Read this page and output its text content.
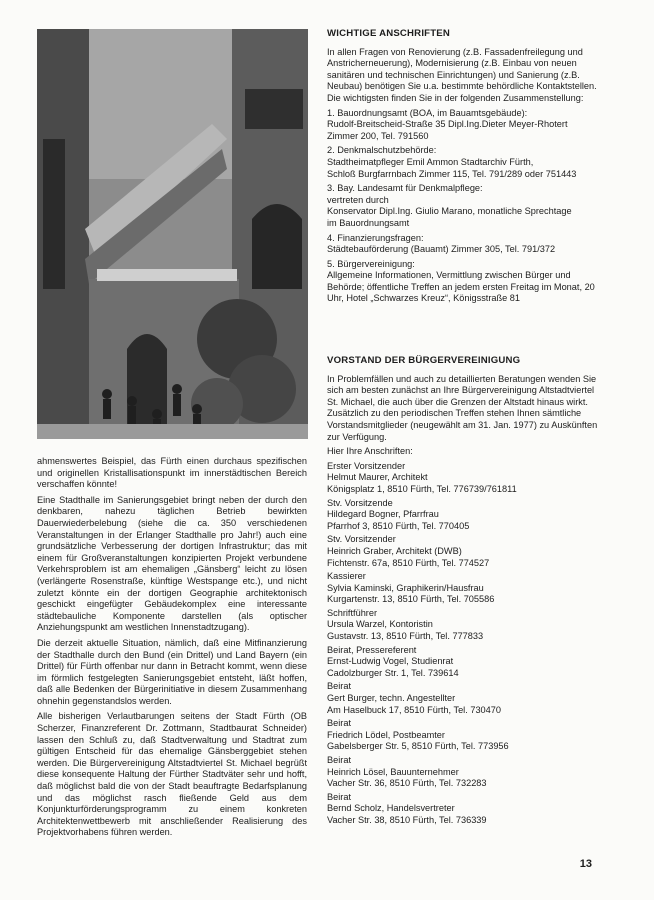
ahmenswertes Beispiel, das Fürth einen durchaus spezifischen und originellen Kristallisationspunkt im innerstädtischen Bereich verschaffen könnte!

Eine Stadthalle im Sanierungsgebiet bringt neben der durch den denkbaren, nahezu täglichen Betrieb bewirkten Dauerwiederbelebung (siehe die ca. 350 verschiedenen Veranstaltungen in der Erlanger Stadthalle pro Jahr!) auch eine grundsätzliche Verbesserung der dortigen Infrastruktur; das mit einem für Großveranstaltungen konzipierten Projekt verbundene Verkehrsproblem ist am ehemaligen „Gänsberg“ leicht zu lösen (verlängerte Rosenstraße, künftige Westspange etc.), und nicht zuletzt könnte ein der dortigen Geographie architektonisch geschickt eingefügter Gebäudekomplex eine interessante städtebauliche Komponente darstellen (als optischer Anziehungspunkt am westlichen Innenstadtzugang).

Die derzeit aktuelle Situation, nämlich, daß eine Mitfinanzierung der Stadthalle durch den Bund (ein Drittel) und Land Bayern (ein Drittel) für Fürth offenbar nur dann in Betracht kommt, wenn diese im förmlich festgelegten Sanierungsgebiet entsteht, läßt hoffen, daß alle Bedenken der Bürgerinitiative in diesem Zusammenhang ohnehin gegenstandslos werden.

Alle bisherigen Verlautbarungen seitens der Stadt Fürth (OB Scherzer, Finanzreferent Dr. Zottmann, Stadtbaurat Schneider) lassen den Schluß zu, daß Stadtverwaltung und Stadtrat zum gültigen Entscheid für das ehemalige Gänsberggebiet stehen werden. Die Bürgervereinigung Altstadtviertel St. Michael begrüßt diese konsequente Haltung der Fürther Stadtväter sehr und hofft, daß möglichst bald die von der Stadt beauftragte Bedarfsplanung und das möglichst rasch fließende Geld aus dem Konjunkturförderungsprogramm zu einem konkreten Architektenwettbewerb mit anschließender Realisierung des Projektvorhabens führen werden.

WICHTIGE ANSCHRIFTEN

In allen Fragen von Renovierung (z.B. Fassadenfreilegung und Anstricherneuerung), Modernisierung (z.B. Einbau von neuen sanitären und technischen Einrichtungen) und Sanierung (z.B. Neubau) benötigen Sie u.a. bestimmte behördliche Kontaktstellen. Die wichtigsten finden Sie in der folgenden Zusammenstellung:

1. Bauordnungsamt (BOA, im Bauamtsgebäude):
Rudolf-Breitscheid-Straße 35 Dipl.Ing.Dieter Meyer-Rhotert
Zimmer 200, Tel. 791560
2. Denkmalschutzbehörde:
Stadtheimatpfleger Emil Ammon Stadtarchiv Fürth,
Schloß Burgfarrnbach Zimmer 115, Tel. 791/289 oder 751443
3. Bay. Landesamt für Denkmalpflege:
vertreten durch
Konservator Dipl.Ing. Giulio Marano, monatliche Sprechtage
im Bauordnungsamt
4. Finanzierungsfragen:
Städtebauförderung (Bauamt) Zimmer 305, Tel. 791/372
5. Bürgervereinigung:
Allgemeine Informationen, Vermittlung zwischen Bürger und Behörde; öffentliche Treffen an jedem ersten Freitag im Monat, 20 Uhr, Hotel „Schwarzes Kreuz“, Königsstraße 81
VORSTAND DER BÜRGERVEREINIGUNG

In Problemfällen und auch zu detaillierten Beratungen wenden Sie sich am besten zunächst an Ihre Bürgervereinigung Altstadtviertel St. Michael, die auch über die Grenzen der Altstadt hinaus wirkt. Zusätzlich zu den periodischen Treffen stehen Ihnen sämtliche Vorstandsmitglieder (neugewählt am 31. Jan. 1977) zu Auskünften zur Verfügung.

Hier Ihre Anschriften:

Erster Vorsitzender
Helmut Maurer, Architekt
Königsplatz 1, 8510 Fürth, Tel. 776739/761811
Stv. Vorsitzende
Hildegard Bogner, Pfarrfrau
Pfarrhof 3, 8510 Fürth, Tel. 770405
Stv. Vorsitzender
Heinrich Graber, Architekt (DWB)
Fichtenstr. 67a, 8510 Fürth, Tel. 774527
Kassierer
Sylvia Kaminski, Graphikerin/Hausfrau
Kurgartenstr. 13, 8510 Fürth, Tel. 705586
Schriftführer
Ursula Warzel, Kontoristin
Gustavstr. 13, 8510 Fürth, Tel. 777833
Beirat, Pressereferent
Ernst-Ludwig Vogel, Studienrat
Cadolzburger Str. 1, Tel. 739614
Beirat
Gert Burger, techn. Angestellter
Am Haselbuck 17, 8510 Fürth, Tel. 730470
Beirat
Friedrich Lödel, Postbeamter
Gabelsberger Str. 5, 8510 Fürth, Tel. 773956
Beirat
Heinrich Lösel, Bauunternehmer
Vacher Str. 36, 8510 Fürth, Tel. 732283
Beirat
Bernd Scholz, Handelsvertreter
Vacher Str. 38, 8510 Fürth, Tel. 736339
13
